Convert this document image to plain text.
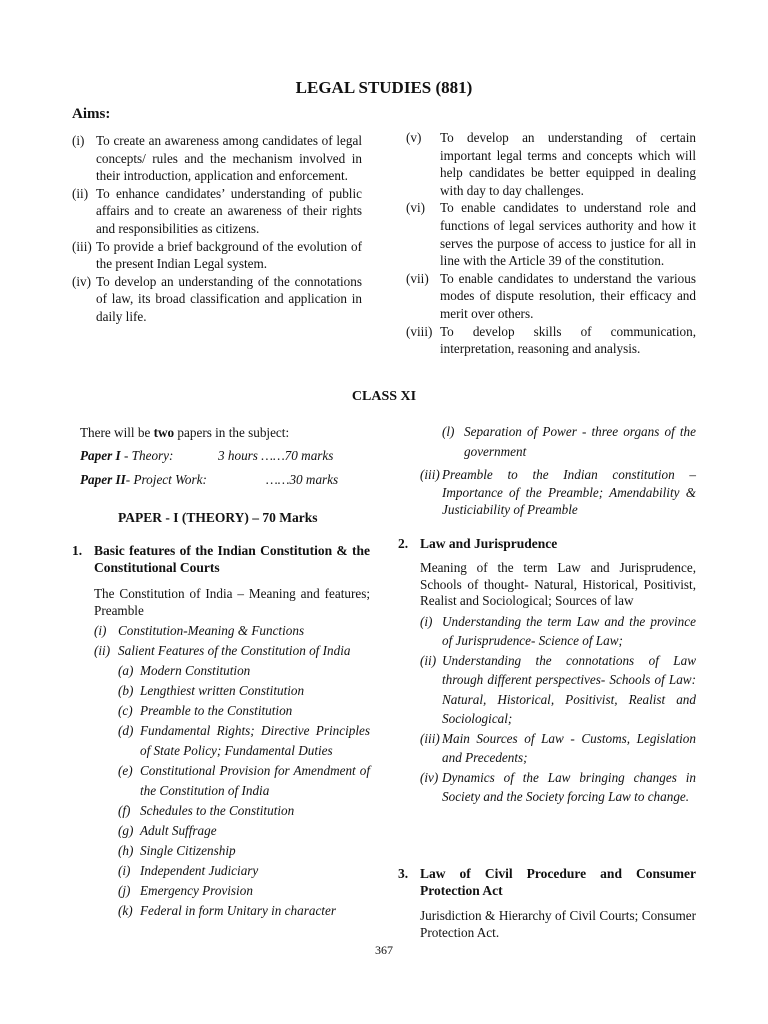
LEGAL STUDIES (881)
Aims:
(i) To create an awareness among candidates of legal concepts/ rules and the mechanism involved in their introduction, application and enforcement.
(ii) To enhance candidates’ understanding of public affairs and to create an awareness of their rights and responsibilities as citizens.
(iii) To provide a brief background of the evolution of the present Indian Legal system.
(iv) To develop an understanding of the connotations of law, its broad classification and application in daily life.
(v) To develop an understanding of certain important legal terms and concepts which will help candidates be better equipped in dealing with day to day challenges.
(vi) To enable candidates to understand role and functions of legal services authority and how it serves the purpose of access to justice for all in line with the Article 39 of the constitution.
(vii) To enable candidates to understand the various modes of dispute resolution, their efficacy and merit over others.
(viii) To develop skills of communication, interpretation, reasoning and analysis.
CLASS XI
There will be two papers in the subject:
Paper I - Theory:	3 hours ……70 marks
Paper II- Project Work:	……30 marks
PAPER - I (THEORY) – 70 Marks
1. Basic features of the Indian Constitution & the Constitutional Courts
The Constitution of India – Meaning and features; Preamble
(i) Constitution-Meaning & Functions
(ii) Salient Features of the Constitution of India
(a) Modern Constitution
(b) Lengthiest written Constitution
(c) Preamble to the Constitution
(d) Fundamental Rights; Directive Principles of State Policy; Fundamental Duties
(e) Constitutional Provision for Amendment of the Constitution of India
(f) Schedules to the Constitution
(g) Adult Suffrage
(h) Single Citizenship
(i) Independent Judiciary
(j) Emergency Provision
(k) Federal in form Unitary in character
(l) Separation of Power - three organs of the government
(iii) Preamble to the Indian constitution – Importance of the Preamble; Amendability & Justiciability of Preamble
2. Law and Jurisprudence
Meaning of the term Law and Jurisprudence, Schools of thought- Natural, Historical, Positivist, Realist and Sociological; Sources of law
(i) Understanding the term Law and the province of Jurisprudence- Science of Law;
(ii) Understanding the connotations of Law through different perspectives- Schools of Law: Natural, Historical, Positivist, Realist and Sociological;
(iii) Main Sources of Law - Customs, Legislation and Precedents;
(iv) Dynamics of the Law bringing changes in Society and the Society forcing Law to change.
3. Law of Civil Procedure and Consumer Protection Act
Jurisdiction & Hierarchy of Civil Courts; Consumer Protection Act.
367
